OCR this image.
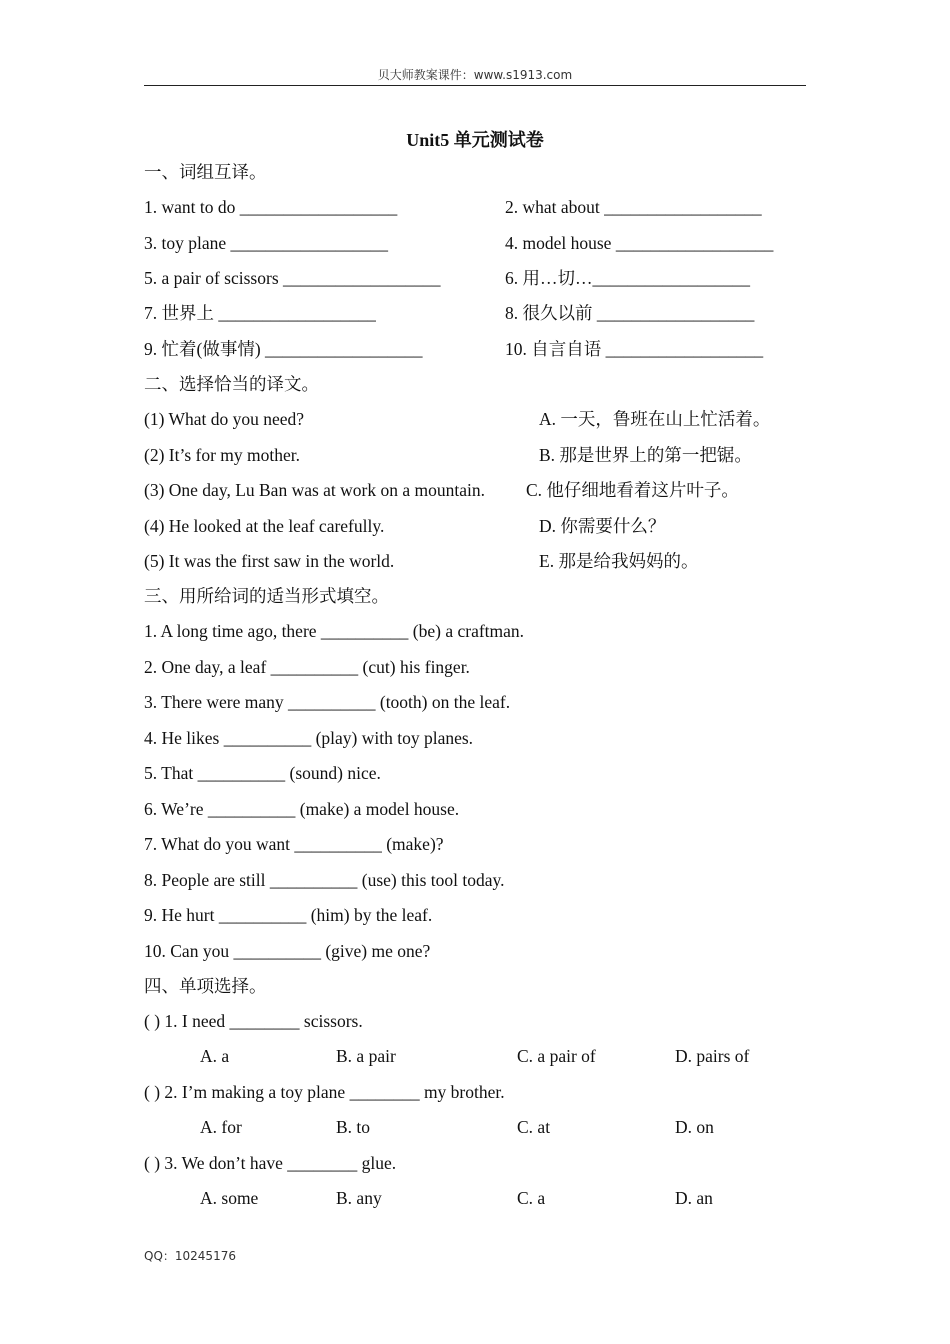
贝大师教案课件：www.s1913.com
Unit5 单元测试卷
一、词组互译。
1. want to do __________________	2. what about __________________
3. toy plane __________________	4. model house __________________
5. a pair of scissors __________________	6. 用…切…__________________
7. 世界上 __________________	8. 很久以前 __________________
9. 忙着(做事情) __________________	10. 自言自语 __________________
二、选择恰当的译文。
(1) What do you need?	A. 一天，鲁班在山上忙活着。
(2) It’s for my mother.	B. 那是世界上的第一把锯。
(3) One day, Lu Ban was at work on a mountain. C. 他仔细地看着这片叶子。
(4) He looked at the leaf carefully.	D. 你需要什么？
(5) It was the first saw in the world.	E. 那是给我妈妈的。
三、用所给词的适当形式填空。
1. A long time ago, there __________ (be) a craftman.
2. One day, a leaf __________ (cut) his finger.
3. There were many __________ (tooth) on the leaf.
4. He likes __________ (play) with toy planes.
5. That __________ (sound) nice.
6. We’re __________ (make) a model house.
7. What do you want __________ (make)?
8. People are still __________ (use) this tool today.
9. He hurt __________ (him) by the leaf.
10. Can you __________ (give) me one?
四、单项选择。
( ) 1. I need ________ scissors.
A. a	B. a pair	C. a pair of	D. pairs of
( ) 2. I’m making a toy plane ________ my brother.
A. for	B. to	C. at	D. on
( ) 3. We don’t have ________ glue.
A. some	B. any	C. a	D. an
QQ：10245176
